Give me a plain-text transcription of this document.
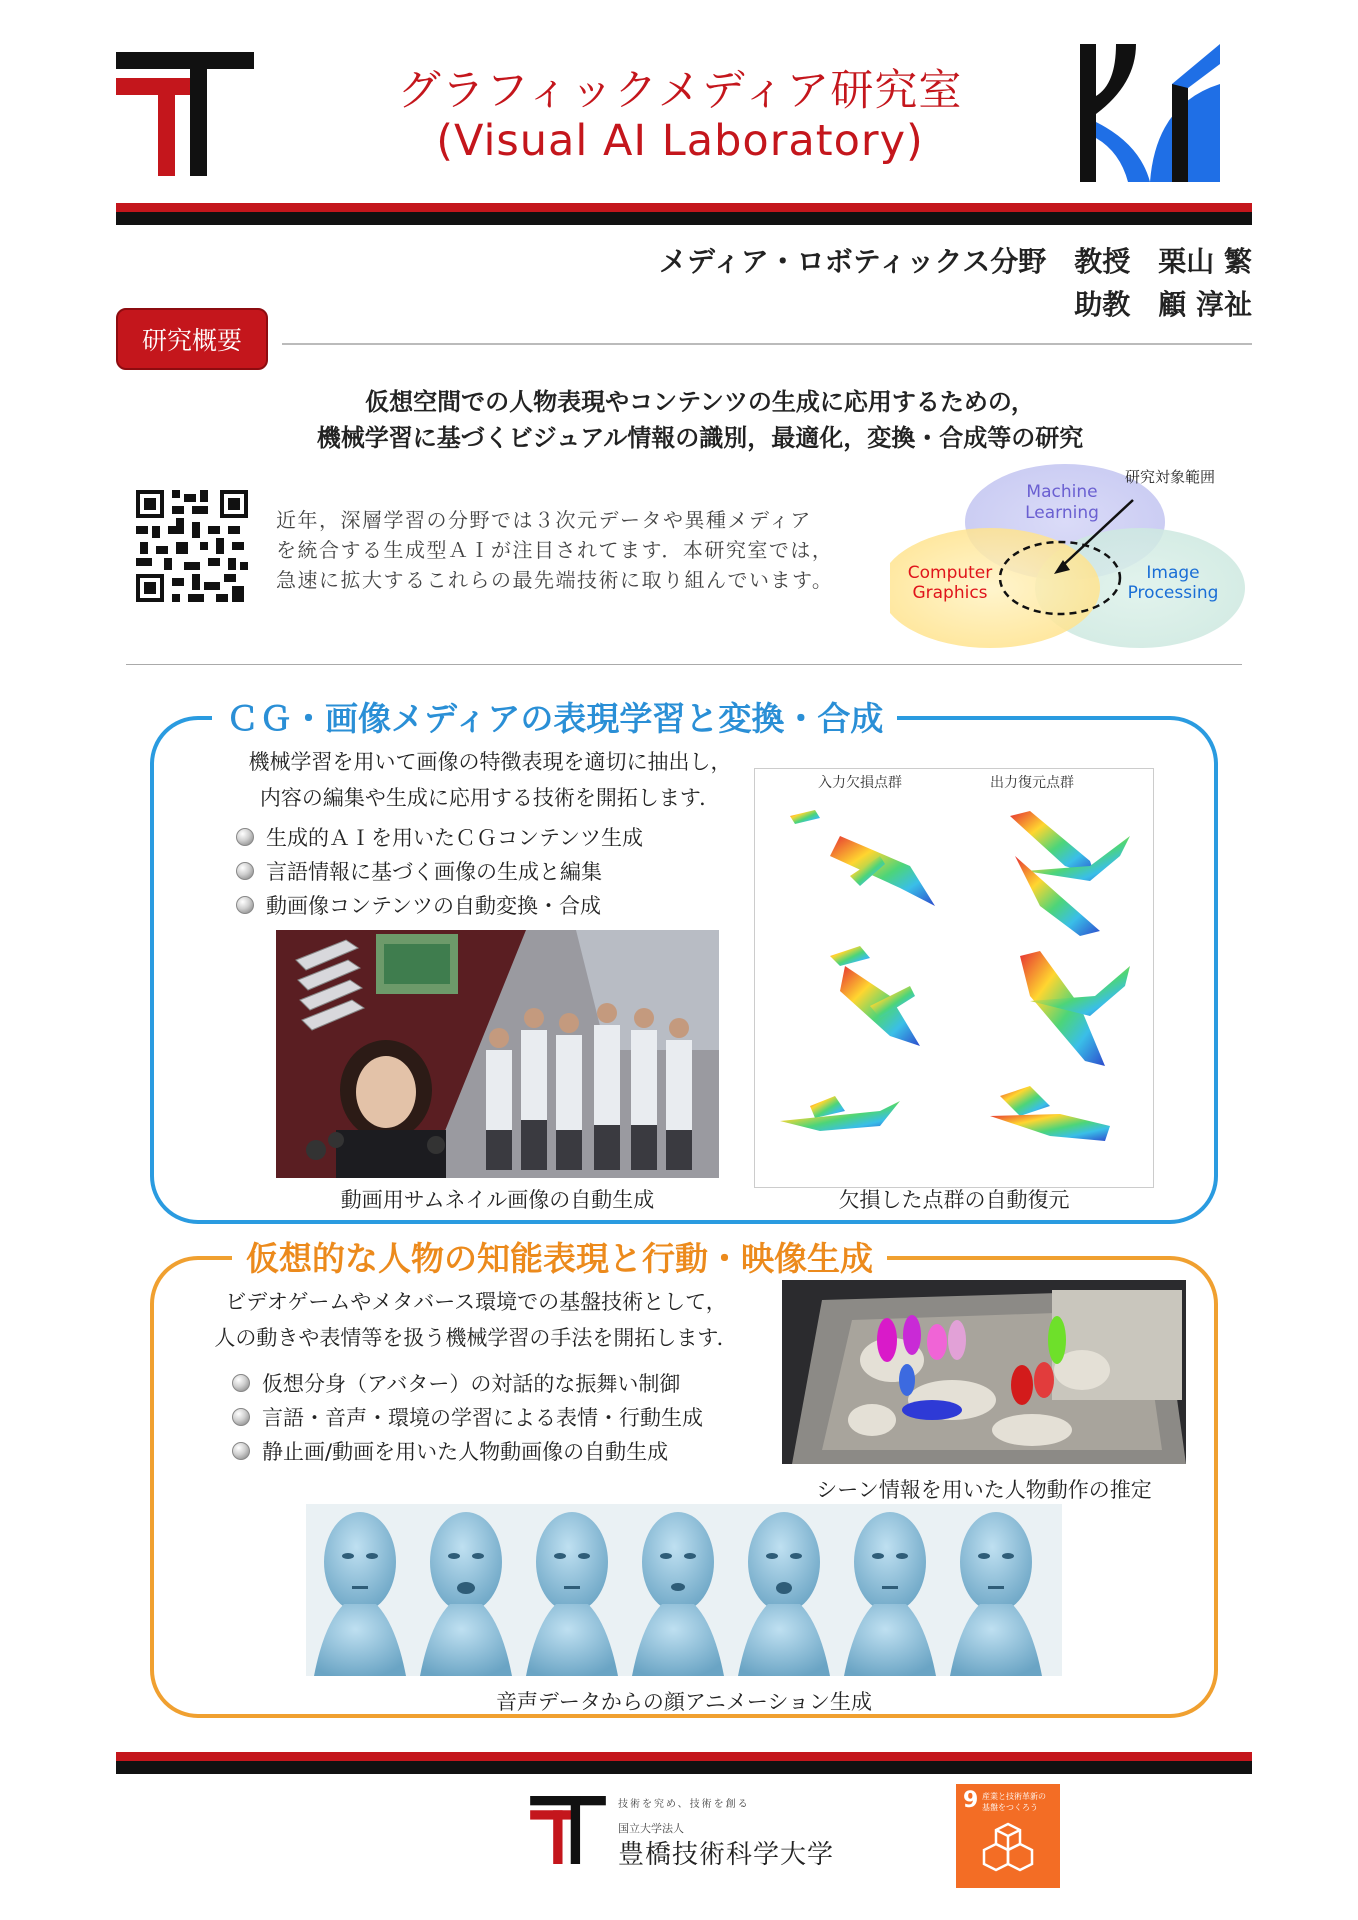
グラフィックメディア研究室
(Visual AI Laboratory)
メディア・ロボティックス分野　教授　栗山 繁
助教　顧 淳祉
研究概要
仮想空間での人物表現やコンテンツの生成に応用するための，
機械学習に基づくビジュアル情報の識別，最適化，変換・合成等の研究
近年，深層学習の分野では３次元データや異種メディア
を統合する生成型ＡＩが注目されてます．本研究室では，
急速に拡大するこれらの最先端技術に取り組んでいます。
研究対象範囲
Machine
Learning
Computer
Graphics
Image
Processing
ＣＧ・画像メディアの表現学習と変換・合成
機械学習を用いて画像の特徴表現を適切に抽出し，
内容の編集や生成に応用する技術を開拓します．
生成的ＡＩを用いたＣＧコンテンツ生成
言語情報に基づく画像の生成と編集
動画像コンテンツの自動変換・合成
動画用サムネイル画像の自動生成
入力欠損点群	出力復元点群
欠損した点群の自動復元
仮想的な人物の知能表現と行動・映像生成
ビデオゲームやメタバース環境での基盤技術として，
人の動きや表情等を扱う機械学習の手法を開拓します．
仮想分身（アバター）の対話的な振舞い制御
言語・音声・環境の学習による表情・行動生成
静止画/動画を用いた人物動画像の自動生成
シーン情報を用いた人物動作の推定
音声データからの顔アニメーション生成
技術を究め、技術を創る
国立大学法人
豊橋技術科学大学
9 産業と技術革新の
基盤をつくろう
